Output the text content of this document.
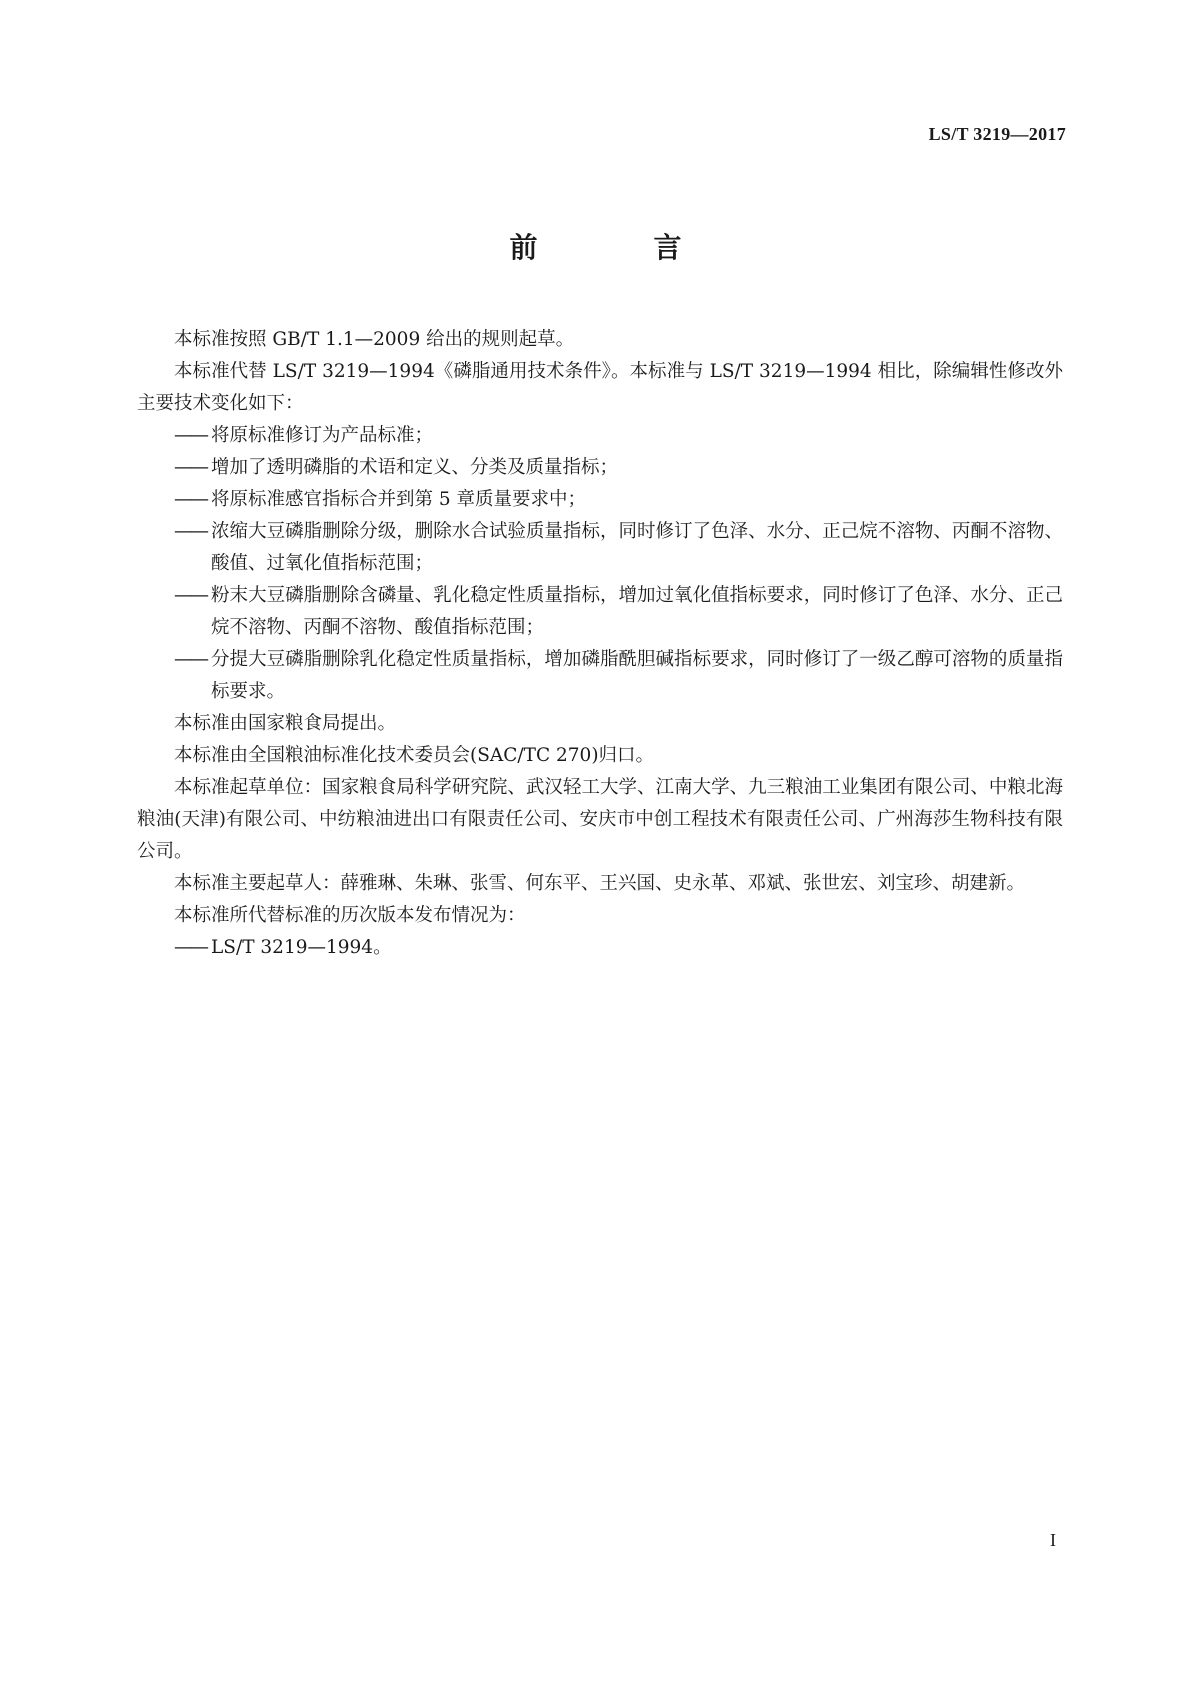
LS/T 3219—2017
前　言

本标准按照 GB/T 1.1—2009 给出的规则起草。

本标准代替 LS/T 3219—1994《磷脂通用技术条件》。本标准与 LS/T 3219—1994 相比，除编辑性修改外主要技术变化如下：

—— 将原标准修订为产品标准；

—— 增加了透明磷脂的术语和定义、分类及质量指标；

—— 将原标准感官指标合并到第 5 章质量要求中；

—— 浓缩大豆磷脂删除分级，删除水合试验质量指标，同时修订了色泽、水分、正己烷不溶物、丙酮不溶物、酸值、过氧化值指标范围；

—— 粉末大豆磷脂删除含磷量、乳化稳定性质量指标，增加过氧化值指标要求，同时修订了色泽、水分、正己烷不溶物、丙酮不溶物、酸值指标范围；

—— 分提大豆磷脂删除乳化稳定性质量指标，增加磷脂酰胆碱指标要求，同时修订了一级乙醇可溶物的质量指标要求。

本标准由国家粮食局提出。

本标准由全国粮油标准化技术委员会(SAC/TC 270)归口。

本标准起草单位：国家粮食局科学研究院、武汉轻工大学、江南大学、九三粮油工业集团有限公司、中粮北海粮油(天津)有限公司、中纺粮油进出口有限责任公司、安庆市中创工程技术有限责任公司、广州海莎生物科技有限公司。

本标准主要起草人：薛雅琳、朱琳、张雪、何东平、王兴国、史永革、邓斌、张世宏、刘宝珍、胡建新。

本标准所代替标准的历次版本发布情况为：

—— LS/T 3219—1994。

I
